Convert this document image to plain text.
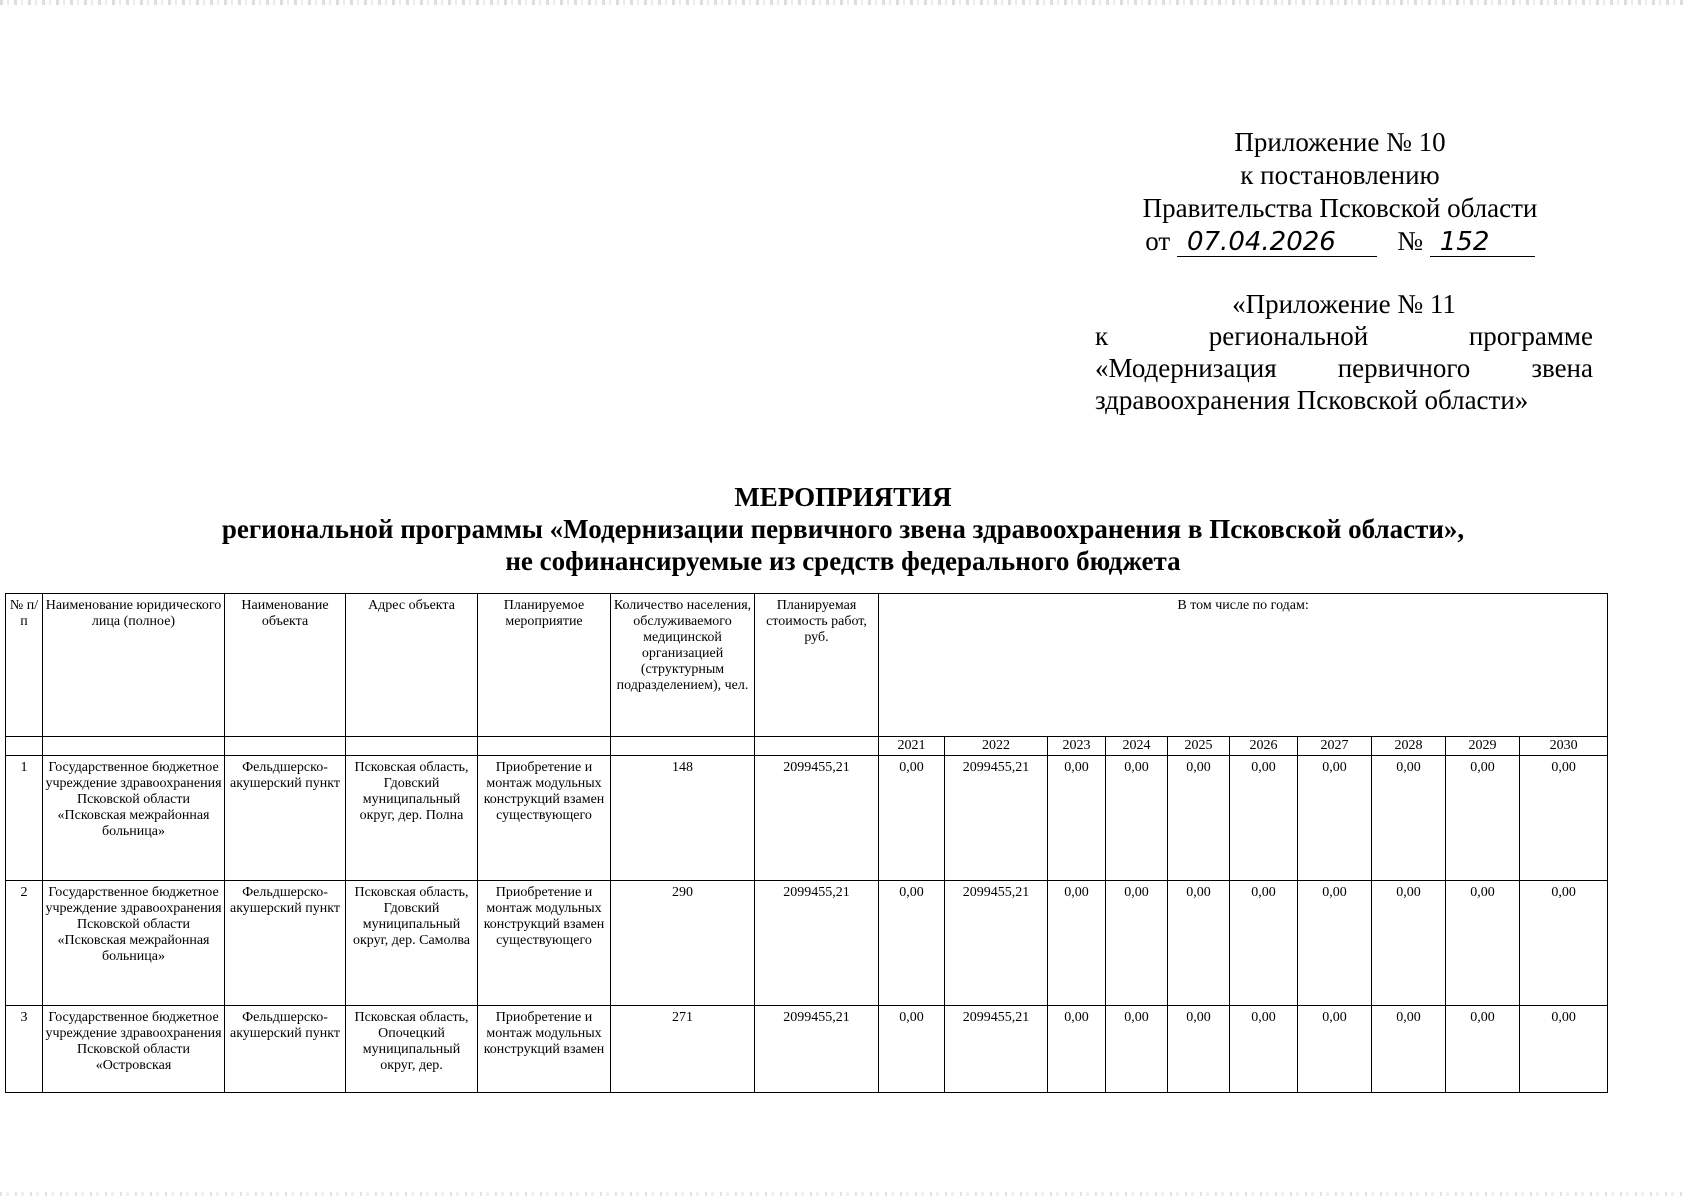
Приложение № 10
к постановлению
Правительства Псковской области
от 07.04.2026 № 152
«Приложение № 11
к региональной программе
«Модернизация первичного звена
здравоохранения Псковской области»
МЕРОПРИЯТИЯ
региональной программы «Модернизации первичного звена здравоохранения в Псковской области»,
не софинансируемые из средств федерального бюджета
№ п/п	Наименование юридического лица (полное)	Наименование объекта	Адрес объекта	Планируемое мероприятие	Количество населения, обслуживаемого медицинской организацией (структурным подразделением), чел.	Планируемая стоимость работ, руб.	В том числе по годам:									
							2021	2022	2023	2024	2025	2026	2027	2028	2029	2030
1	Государственное бюджетное учреждение здравоохранения Псковской области «Псковская межрайонная больница»	Фельдшерско-акушерский пункт	Псковская область, Гдовский муниципальный округ, дер. Полна	Приобретение и монтаж модульных конструкций взамен существующего	148	2099455,21	0,00	2099455,21	0,00	0,00	0,00	0,00	0,00	0,00	0,00	0,00
2	Государственное бюджетное учреждение здравоохранения Псковской области «Псковская межрайонная больница»	Фельдшерско-акушерский пункт	Псковская область, Гдовский муниципальный округ, дер. Самолва	Приобретение и монтаж модульных конструкций взамен существующего	290	2099455,21	0,00	2099455,21	0,00	0,00	0,00	0,00	0,00	0,00	0,00	0,00
3	Государственное бюджетное учреждение здравоохранения Псковской области «Островская	Фельдшерско-акушерский пункт	Псковская область, Опочецкий муниципальный округ, дер.	Приобретение и монтаж модульных конструкций взамен	271	2099455,21	0,00	2099455,21	0,00	0,00	0,00	0,00	0,00	0,00	0,00	0,00
